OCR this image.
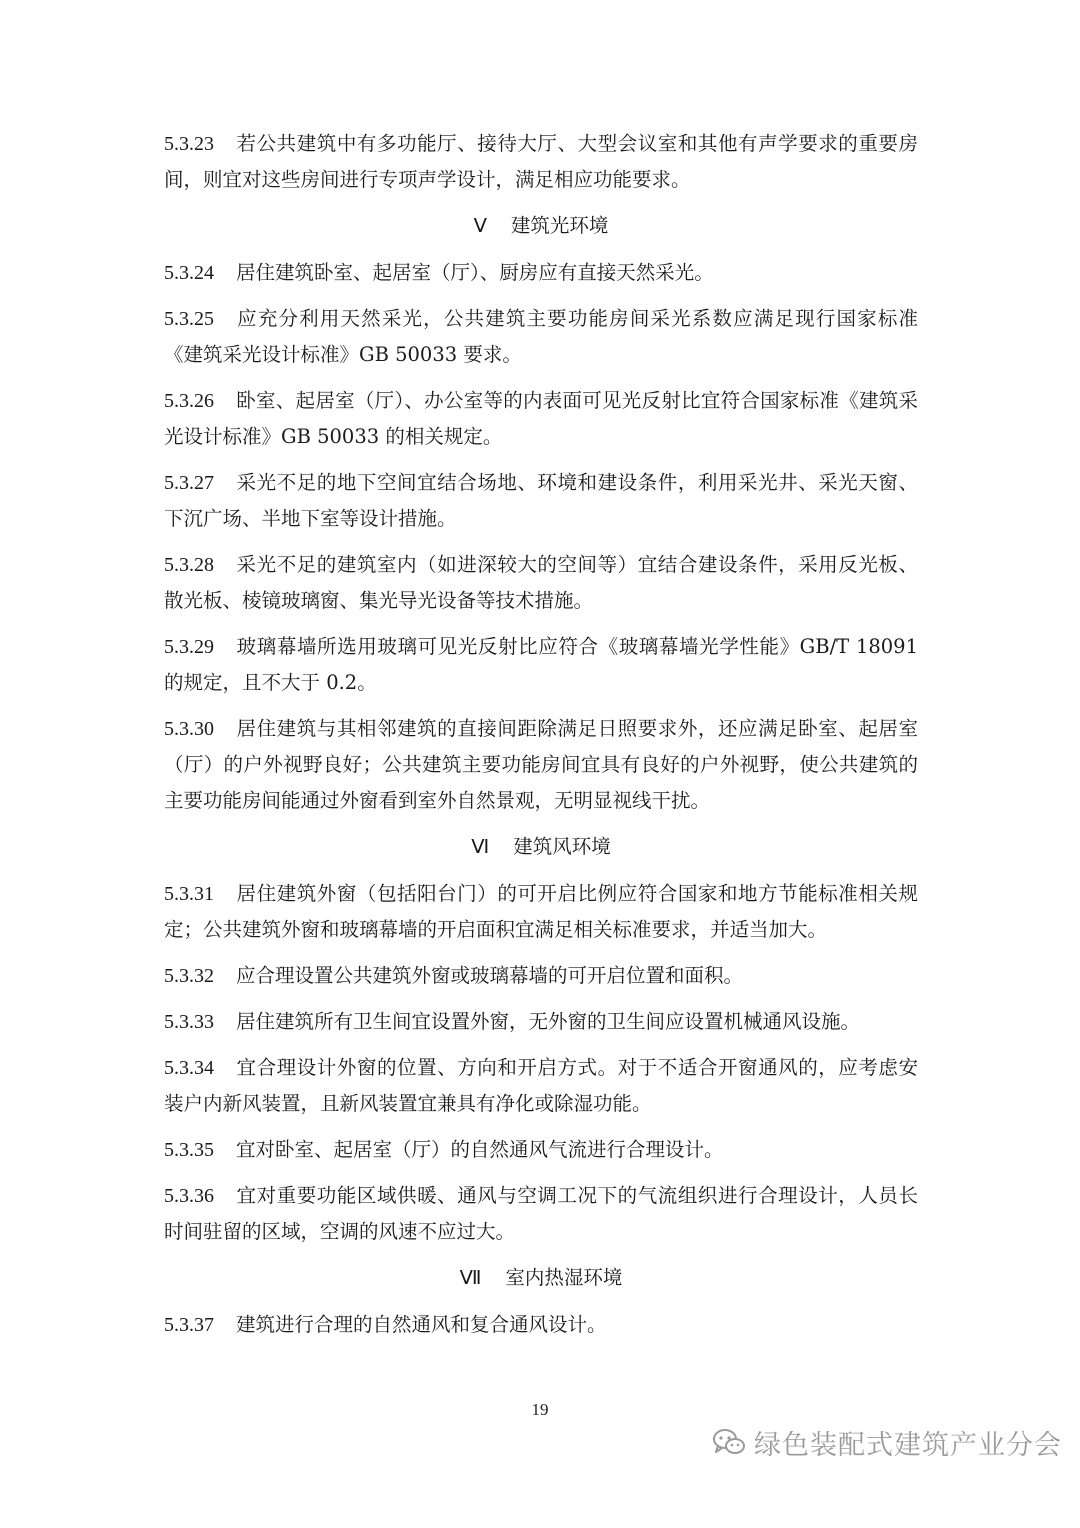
5.3.23 若公共建筑中有多功能厅、接待大厅、大型会议室和其他有声学要求的重要房间，则宜对这些房间进行专项声学设计，满足相应功能要求。

Ⅴ 建筑光环境

5.3.24 居住建筑卧室、起居室（厅）、厨房应有直接天然采光。

5.3.25 应充分利用天然采光，公共建筑主要功能房间采光系数应满足现行国家标准《建筑采光设计标准》GB 50033 要求。

5.3.26 卧室、起居室（厅）、办公室等的内表面可见光反射比宜符合国家标准《建筑采光设计标准》GB 50033 的相关规定。

5.3.27 采光不足的地下空间宜结合场地、环境和建设条件，利用采光井、采光天窗、下沉广场、半地下室等设计措施。

5.3.28 采光不足的建筑室内（如进深较大的空间等）宜结合建设条件，采用反光板、散光板、棱镜玻璃窗、集光导光设备等技术措施。

5.3.29 玻璃幕墙所选用玻璃可见光反射比应符合《玻璃幕墙光学性能》GB/T 18091 的规定，且不大于 0.2。

5.3.30 居住建筑与其相邻建筑的直接间距除满足日照要求外，还应满足卧室、起居室（厅）的户外视野良好；公共建筑主要功能房间宜具有良好的户外视野，使公共建筑的主要功能房间能通过外窗看到室外自然景观，无明显视线干扰。

Ⅵ 建筑风环境

5.3.31 居住建筑外窗（包括阳台门）的可开启比例应符合国家和地方节能标准相关规定；公共建筑外窗和玻璃幕墙的开启面积宜满足相关标准要求，并适当加大。

5.3.32 应合理设置公共建筑外窗或玻璃幕墙的可开启位置和面积。

5.3.33 居住建筑所有卫生间宜设置外窗，无外窗的卫生间应设置机械通风设施。

5.3.34 宜合理设计外窗的位置、方向和开启方式。对于不适合开窗通风的，应考虑安装户内新风装置，且新风装置宜兼具有净化或除湿功能。

5.3.35 宜对卧室、起居室（厅）的自然通风气流进行合理设计。

5.3.36 宜对重要功能区域供暖、通风与空调工况下的气流组织进行合理设计，人员长时间驻留的区域，空调的风速不应过大。

Ⅶ 室内热湿环境

5.3.37 建筑进行合理的自然通风和复合通风设计。

19
绿色装配式建筑产业分会
